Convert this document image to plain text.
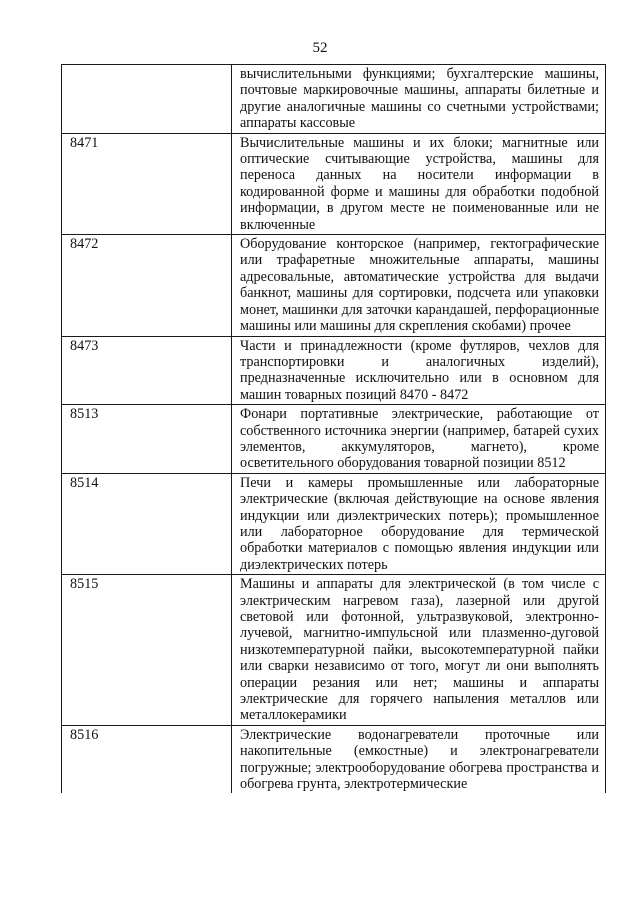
52
	вычислительными функциями; бухгалтерские машины, почтовые маркировочные машины, аппараты билетные и другие аналогичные машины со счетными устройствами; аппараты кассовые
8471	Вычислительные машины и их блоки; магнитные или оптические считывающие устройства, машины для переноса данных на носители информации в кодированной форме и машины для обработки подобной информации, в другом месте не поименованные или не включенные
8472	Оборудование конторское (например, гектографические или трафаретные множительные аппараты, машины адресовальные, автоматические устройства для выдачи банкнот, машины для сортировки, подсчета или упаковки монет, машинки для заточки карандашей, перфорационные машины или машины для скрепления скобами) прочее
8473	Части и принадлежности (кроме футляров, чехлов для транспортировки и аналогичных изделий), предназначенные исключительно или в основном для машин товарных позиций 8470 - 8472
8513	Фонари портативные электрические, работающие от собственного источника энергии (например, батарей сухих элементов, аккумуляторов, магнето), кроме осветительного оборудования товарной позиции 8512
8514	Печи и камеры промышленные или лабораторные электрические (включая действующие на основе явления индукции или диэлектрических потерь); промышленное или лабораторное оборудование для термической обработки материалов с помощью явления индукции или диэлектрических потерь
8515	Машины и аппараты для электрической (в том числе с электрическим нагревом газа), лазерной или другой световой или фотонной, ультразвуковой, электронно-лучевой, магнитно-импульсной или плазменно-дуговой низкотемпературной пайки, высокотемпературной пайки или сварки независимо от того, могут ли они выполнять операции резания или нет; машины и аппараты электрические для горячего напыления металлов или металлокерамики
8516	Электрические водонагреватели проточные или накопительные (емкостные) и электронагреватели погружные; электрооборудование обогрева пространства и обогрева грунта, электротермические
